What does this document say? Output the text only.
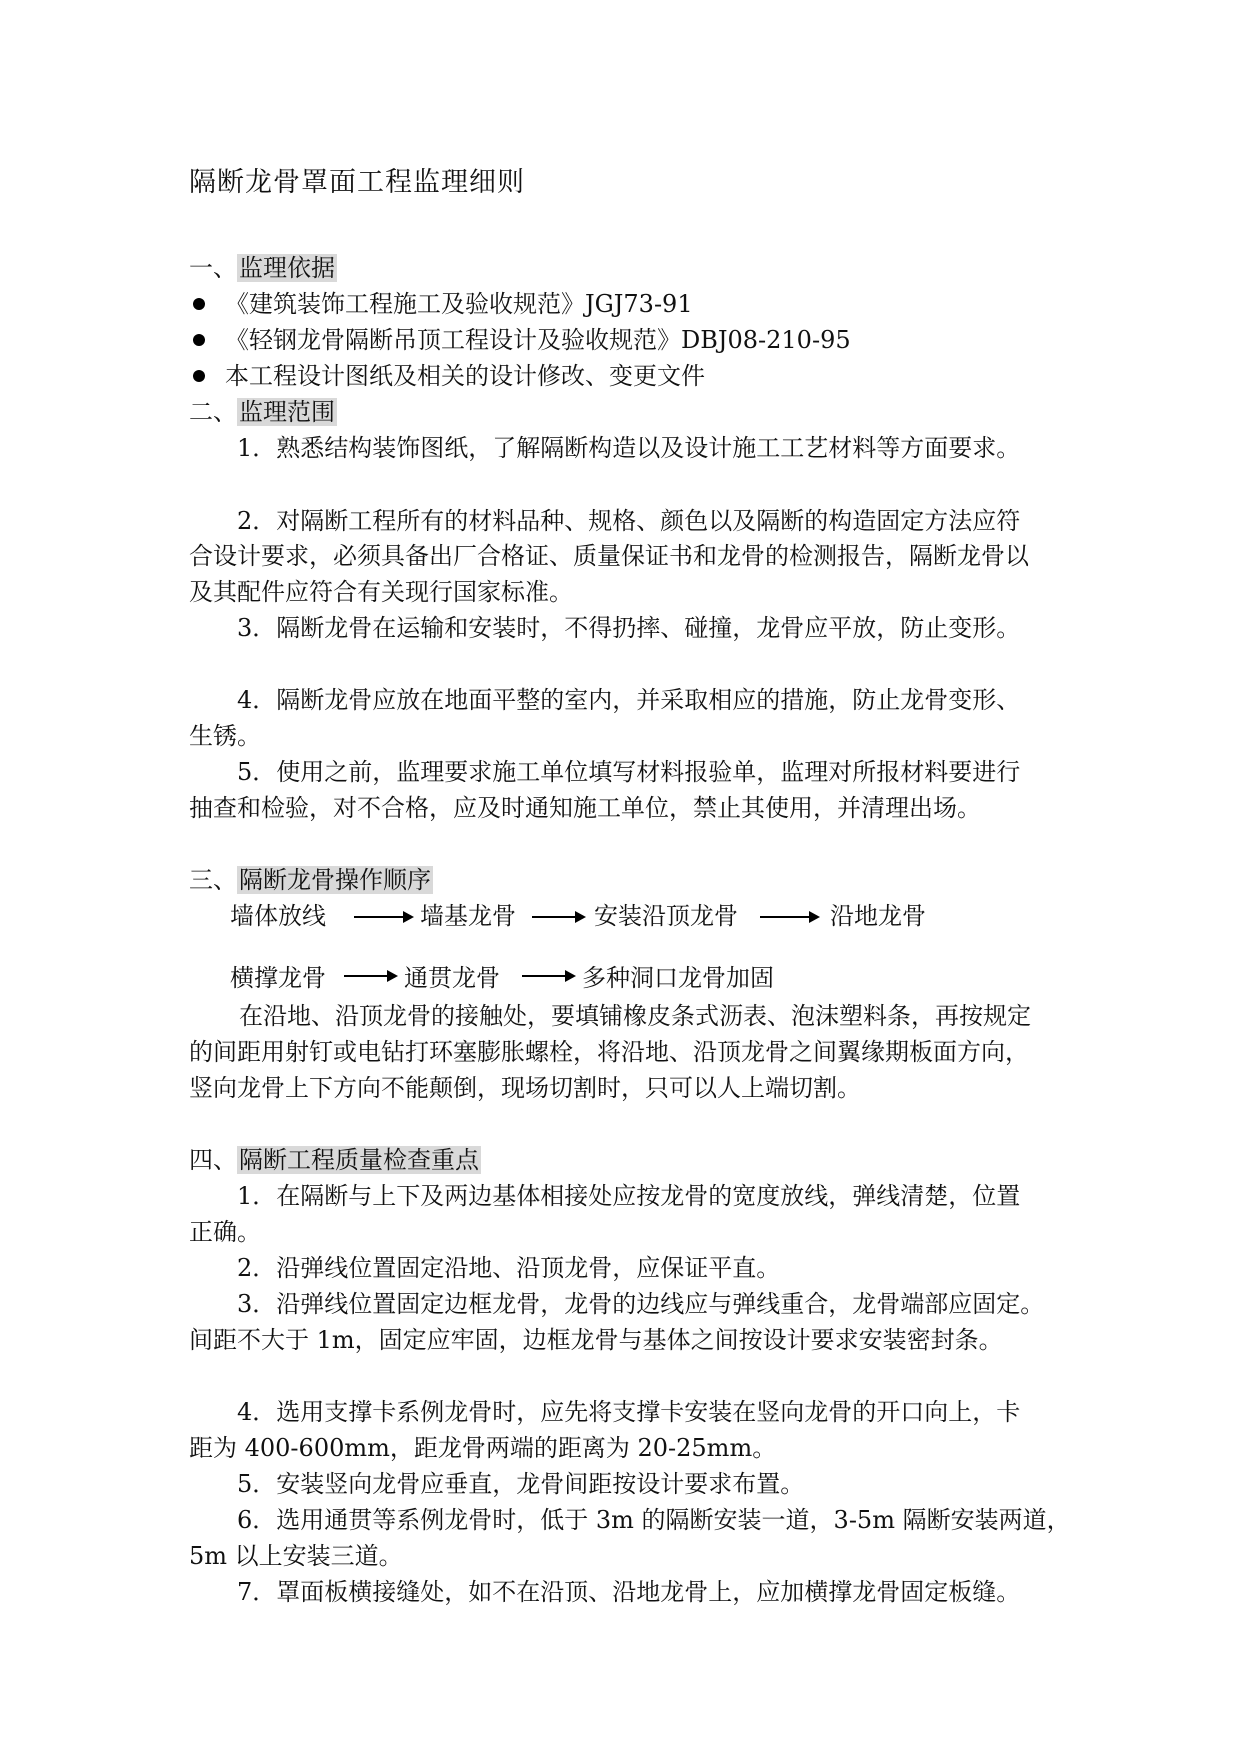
隔断龙骨罩面工程监理细则
一、监理依据
《建筑装饰工程施工及验收规范》JGJ73-91
《轻钢龙骨隔断吊顶工程设计及验收规范》DBJ08-210-95
本工程设计图纸及相关的设计修改、变更文件
二、监理范围
1．熟悉结构装饰图纸，了解隔断构造以及设计施工工艺材料等方面要求。
2．对隔断工程所有的材料品种、规格、颜色以及隔断的构造固定方法应符
合设计要求，必须具备出厂合格证、质量保证书和龙骨的检测报告，隔断龙骨以
及其配件应符合有关现行国家标准。
3．隔断龙骨在运输和安装时，不得扔摔、碰撞，龙骨应平放，防止变形。
4．隔断龙骨应放在地面平整的室内，并采取相应的措施，防止龙骨变形、
生锈。
5．使用之前，监理要求施工单位填写材料报验单，监理对所报材料要进行
抽查和检验，对不合格，应及时通知施工单位，禁止其使用，并清理出场。
三、隔断龙骨操作顺序
墙体放线	墙基龙骨	安装沿顶龙骨	沿地龙骨
横撑龙骨	通贯龙骨	多种洞口龙骨加固
在沿地、沿顶龙骨的接触处，要填铺橡皮条式沥表、泡沫塑料条，再按规定
的间距用射钉或电钻打环塞膨胀螺栓，将沿地、沿顶龙骨之间翼缘期板面方向，
竖向龙骨上下方向不能颠倒，现场切割时，只可以人上端切割。
四、隔断工程质量检查重点
1．在隔断与上下及两边基体相接处应按龙骨的宽度放线，弹线清楚，位置
正确。
2．沿弹线位置固定沿地、沿顶龙骨，应保证平直。
3．沿弹线位置固定边框龙骨，龙骨的边线应与弹线重合，龙骨端部应固定。
间距不大于 1m，固定应牢固，边框龙骨与基体之间按设计要求安装密封条。
4．选用支撑卡系例龙骨时，应先将支撑卡安装在竖向龙骨的开口向上，卡
距为 400-600mm，距龙骨两端的距离为 20-25mm。
5．安装竖向龙骨应垂直，龙骨间距按设计要求布置。
6．选用通贯等系例龙骨时，低于 3m 的隔断安装一道，3-5m 隔断安装两道，
5m 以上安装三道。
7．罩面板横接缝处，如不在沿顶、沿地龙骨上，应加横撑龙骨固定板缝。
